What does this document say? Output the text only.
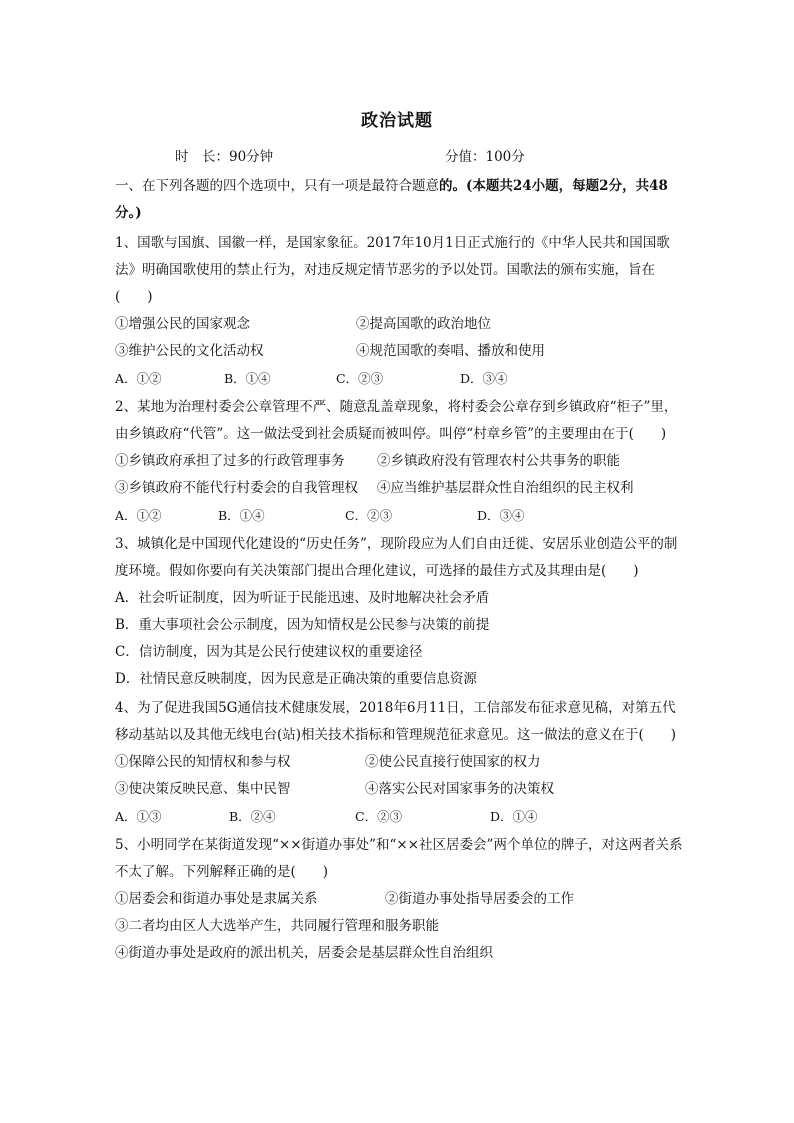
政治试题
时　长：90分钟	分值：100分
一、在下列各题的四个选项中，只有一项是最符合题意的。(本题共24小题，每题2分，共48分。)
1、国歌与国旗、国徽一样，是国家象征。2017年10月1日正式施行的《中华人民共和国国歌法》明确国歌使用的禁止行为，对违反规定情节恶劣的予以处罚。国歌法的颁布实施，旨在(　　)
①增强公民的国家观念	②提高国歌的政治地位
③维护公民的文化活动权	④规范国歌的奏唱、播放和使用
A．①②	B．①④	C．②③	D．③④
2、某地为治理村委会公章管理不严、随意乱盖章现象，将村委会公章存到乡镇政府“柜子”里，由乡镇政府“代管”。这一做法受到社会质疑而被叫停。叫停“村章乡管”的主要理由在于(　　)
①乡镇政府承担了过多的行政管理事务 ②乡镇政府没有管理农村公共事务的职能
③乡镇政府不能代行村委会的自我管理权 ④应当维护基层群众性自治组织的民主权利
A．①②	B．①④	C．②③	D．③④
3、城镇化是中国现代化建设的“历史任务”，现阶段应为人们自由迁徙、安居乐业创造公平的制度环境。假如你要向有关决策部门提出合理化建议，可选择的最佳方式及其理由是(　　)
A．社会听证制度，因为听证于民能迅速、及时地解决社会矛盾
B．重大事项社会公示制度，因为知情权是公民参与决策的前提
C．信访制度，因为其是公民行使建议权的重要途径
D．社情民意反映制度，因为民意是正确决策的重要信息资源
4、为了促进我国5G通信技术健康发展，2018年6月11日，工信部发布征求意见稿，对第五代移动基站以及其他无线电台(站)相关技术指标和管理规范征求意见。这一做法的意义在于(　　)
①保障公民的知情权和参与权	②使公民直接行使国家的权力
③使决策反映民意、集中民智	④落实公民对国家事务的决策权
A．①③	B．②④	C．②③	D．①④
5、小明同学在某街道发现“××街道办事处”和“××社区居委会”两个单位的牌子，对这两者关系不太了解。下列解释正确的是(　　)
①居委会和街道办事处是隶属关系	②街道办事处指导居委会的工作
③二者均由区人大选举产生，共同履行管理和服务职能
④街道办事处是政府的派出机关，居委会是基层群众性自治组织
